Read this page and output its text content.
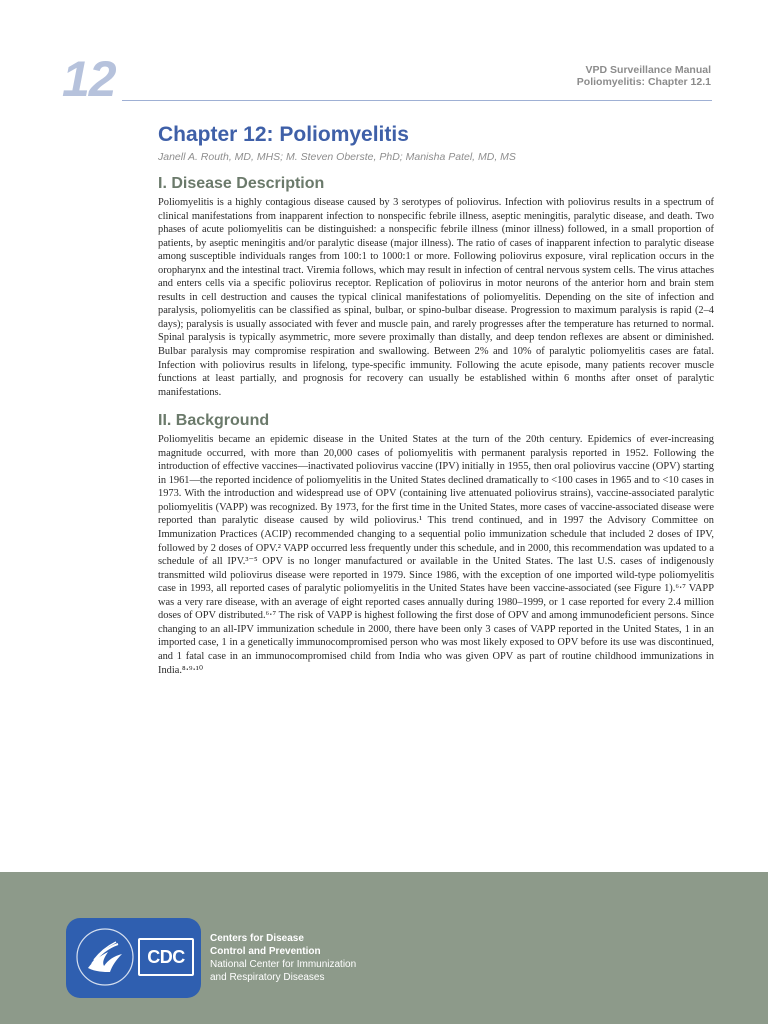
12	VPD Surveillance Manual
Poliomyelitis: Chapter 12.1
Chapter 12: Poliomyelitis
Janell A. Routh, MD, MHS; M. Steven Oberste, PhD; Manisha Patel, MD, MS
I. Disease Description

Poliomyelitis is a highly contagious disease caused by 3 serotypes of poliovirus. Infection with poliovirus results in a spectrum of clinical manifestations from inapparent infection to nonspecific febrile illness, aseptic meningitis, paralytic disease, and death. Two phases of acute poliomyelitis can be distinguished: a nonspecific febrile illness (minor illness) followed, in a small proportion of patients, by aseptic meningitis and/or paralytic disease (major illness). The ratio of cases of inapparent infection to paralytic disease among susceptible individuals ranges from 100:1 to 1000:1 or more. Following poliovirus exposure, viral replication occurs in the oropharynx and the intestinal tract. Viremia follows, which may result in infection of central nervous system cells. The virus attaches and enters cells via a specific poliovirus receptor. Replication of poliovirus in motor neurons of the anterior horn and brain stem results in cell destruction and causes the typical clinical manifestations of poliomyelitis. Depending on the site of infection and paralysis, poliomyelitis can be classified as spinal, bulbar, or spino-bulbar disease. Progression to maximum paralysis is rapid (2–4 days); paralysis is usually associated with fever and muscle pain, and rarely progresses after the temperature has returned to normal. Spinal paralysis is typically asymmetric, more severe proximally than distally, and deep tendon reflexes are absent or diminished. Bulbar paralysis may compromise respiration and swallowing. Between 2% and 10% of paralytic poliomyelitis cases are fatal. Infection with poliovirus results in lifelong, type-specific immunity. Following the acute episode, many patients recover muscle functions at least partially, and prognosis for recovery can usually be established within 6 months after onset of paralytic manifestations.

II. Background

Poliomyelitis became an epidemic disease in the United States at the turn of the 20th century. Epidemics of ever-increasing magnitude occurred, with more than 20,000 cases of poliomyelitis with permanent paralysis reported in 1952. Following the introduction of effective vaccines—inactivated poliovirus vaccine (IPV) initially in 1955, then oral poliovirus vaccine (OPV) starting in 1961—the reported incidence of poliomyelitis in the United States declined dramatically to <100 cases in 1965 and to <10 cases in 1973. With the introduction and widespread use of OPV (containing live attenuated poliovirus strains), vaccine-associated paralytic poliomyelitis (VAPP) was recognized. By 1973, for the first time in the United States, more cases of vaccine-associated disease were reported than paralytic disease caused by wild poliovirus.¹ This trend continued, and in 1997 the Advisory Committee on Immunization Practices (ACIP) recommended changing to a sequential polio immunization schedule that included 2 doses of IPV, followed by 2 doses of OPV.² VAPP occurred less frequently under this schedule, and in 2000, this recommendation was updated to a schedule of all IPV.³⁻⁵ OPV is no longer manufactured or available in the United States. The last U.S. cases of indigenously transmitted wild poliovirus disease were reported in 1979. Since 1986, with the exception of one imported wild-type poliomyelitis case in 1993, all reported cases of paralytic poliomyelitis in the United States have been vaccine-associated (see Figure 1).⁶⋅⁷ VAPP was a very rare disease, with an average of eight reported cases annually during 1980–1999, or 1 case reported for every 2.4 million doses of OPV distributed.⁶⋅⁷ The risk of VAPP is highest following the first dose of OPV and among immunodeficient persons. Since changing to an all-IPV immunization schedule in 2000, there have been only 3 cases of VAPP reported in the United States, 1 in an imported case, 1 in a genetically immunocompromised person who was most likely exposed to OPV before its use was discontinued, and 1 fatal case in an immunocompromised child from India who was given OPV as part of routine childhood immunizations in India.⁸⋅⁹⋅¹⁰

CDC
Centers for Disease
Control and Prevention
National Center for Immunization
and Respiratory Diseases
